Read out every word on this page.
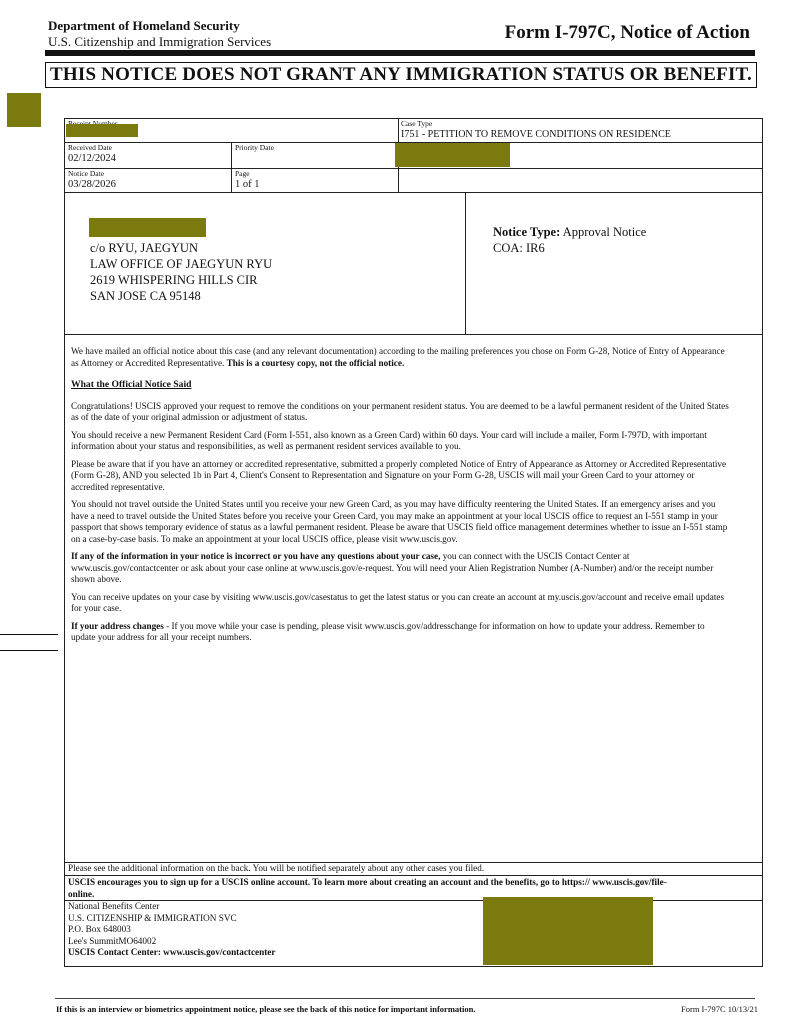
Department of Homeland Security
U.S. Citizenship and Immigration Services	Form I-797C, Notice of Action
THIS NOTICE DOES NOT GRANT ANY IMMIGRATION STATUS OR BENEFIT.
Case Type
I751 - PETITION TO REMOVE CONDITIONS ON RESIDENCE
Received Date
02/12/2024
Priority Date
Notice Date
03/28/2026
Page
1 of 1
c/o RYU, JAEGYUN
LAW OFFICE OF JAEGYUN RYU
2619 WHISPERING HILLS CIR
SAN JOSE CA 95148
Notice Type: Approval Notice
COA: IR6

We have mailed an official notice about this case (and any relevant documentation) according to the mailing preferences you chose on Form G-28, Notice of Entry of Appearance as Attorney or Accredited Representative. This is a courtesy copy, not the official notice.

What the Official Notice Said

Congratulations! USCIS approved your request to remove the conditions on your permanent resident status. You are deemed to be a lawful permanent resident of the United States as of the date of your original admission or adjustment of status.

You should receive a new Permanent Resident Card (Form I-551, also known as a Green Card) within 60 days. Your card will include a mailer, Form I-797D, with important information about your status and responsibilities, as well as permanent resident services available to you.

Please be aware that if you have an attorney or accredited representative, submitted a properly completed Notice of Entry of Appearance as Attorney or Accredited Representative (Form G-28), AND you selected 1b in Part 4, Client's Consent to Representation and Signature on your Form G-28, USCIS will mail your Green Card to your attorney or accredited representative.

You should not travel outside the United States until you receive your new Green Card, as you may have difficulty reentering the United States. If an emergency arises and you have a need to travel outside the United States before you receive your Green Card, you may make an appointment at your local USCIS office to request an I-551 stamp in your passport that shows temporary evidence of status as a lawful permanent resident. Please be aware that USCIS field office management determines whether to issue an I-551 stamp on a case-by-case basis. To make an appointment at your local USCIS office, please visit www.uscis.gov.

If any of the information in your notice is incorrect or you have any questions about your case, you can connect with the USCIS Contact Center at www.uscis.gov/contactcenter or ask about your case online at www.uscis.gov/e-request. You will need your Alien Registration Number (A-Number) and/or the receipt number shown above.

You can receive updates on your case by visiting www.uscis.gov/casestatus to get the latest status or you can create an account at my.uscis.gov/account and receive email updates for your case.

If your address changes - If you move while your case is pending, please visit www.uscis.gov/addresschange for information on how to update your address. Remember to update your address for all your receipt numbers.

Please see the additional information on the back. You will be notified separately about any other cases you filed.
USCIS encourages you to sign up for a USCIS online account. To learn more about creating an account and the benefits, go to https:// www.uscis.gov/file-online.
National Benefits Center
U.S. CITIZENSHIP & IMMIGRATION SVC
P.O. Box 648003
Lee's SummitMO64002
USCIS Contact Center: www.uscis.gov/contactcenter
If this is an interview or biometrics appointment notice, please see the back of this notice for important information.	Form I-797C 10/13/21
